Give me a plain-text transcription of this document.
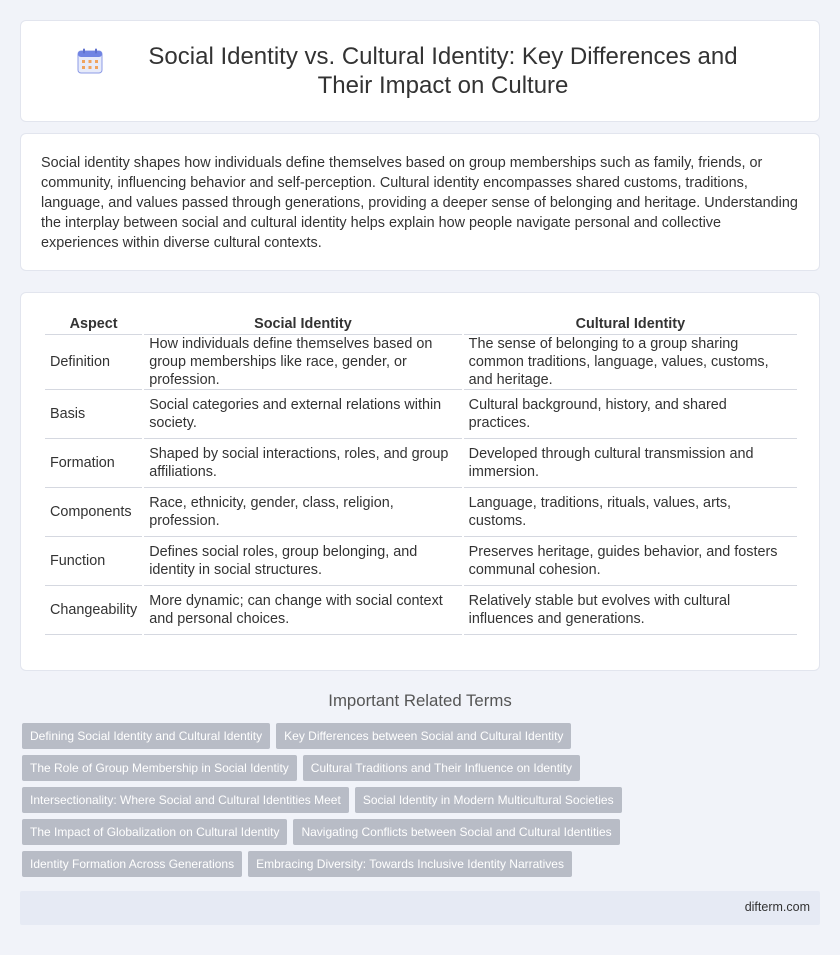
Social Identity vs. Cultural Identity: Key Differences and Their Impact on Culture

Social identity shapes how individuals define themselves based on group memberships such as family, friends, or community, influencing behavior and self-perception. Cultural identity encompasses shared customs, traditions, language, and values passed through generations, providing a deeper sense of belonging and heritage. Understanding the interplay between social and cultural identity helps explain how people navigate personal and collective experiences within diverse cultural contexts.

Aspect	Social Identity	Cultural Identity
Definition	How individuals define themselves based on group memberships like race, gender, or profession.	The sense of belonging to a group sharing common traditions, language, values, customs, and heritage.
Basis	Social categories and external relations within society.	Cultural background, history, and shared practices.
Formation	Shaped by social interactions, roles, and group affiliations.	Developed through cultural transmission and immersion.
Components	Race, ethnicity, gender, class, religion, profession.	Language, traditions, rituals, values, arts, customs.
Function	Defines social roles, group belonging, and identity in social structures.	Preserves heritage, guides behavior, and fosters communal cohesion.
Changeability	More dynamic; can change with social context and personal choices.	Relatively stable but evolves with cultural influences and generations.
Important Related Terms
Defining Social Identity and Cultural Identity	Key Differences between Social and Cultural Identity
The Role of Group Membership in Social Identity	Cultural Traditions and Their Influence on Identity
Intersectionality: Where Social and Cultural Identities Meet	Social Identity in Modern Multicultural Societies
The Impact of Globalization on Cultural Identity	Navigating Conflicts between Social and Cultural Identities
Identity Formation Across Generations	Embracing Diversity: Towards Inclusive Identity Narratives
difterm.com
